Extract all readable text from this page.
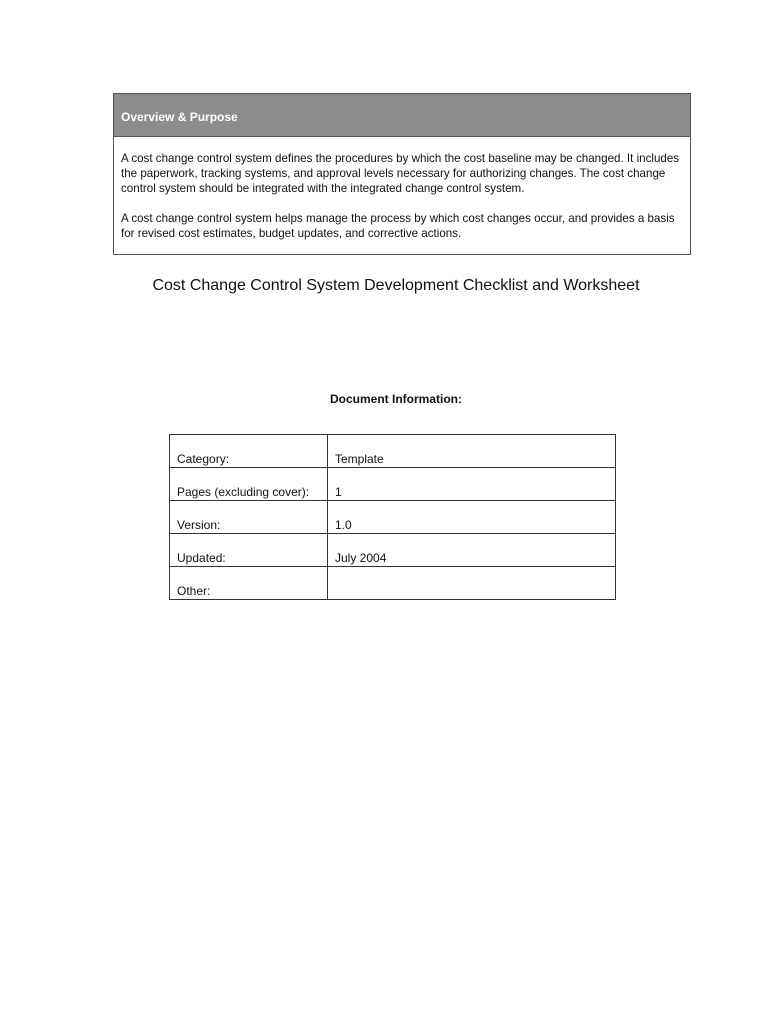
Overview & Purpose

A cost change control system defines the procedures by which the cost baseline may be changed. It includes the paperwork, tracking systems, and approval levels necessary for authorizing changes. The cost change control system should be integrated with the integrated change control system.

A cost change control system helps manage the process by which cost changes occur, and provides a basis for revised cost estimates, budget updates, and corrective actions.

Cost Change Control System Development Checklist and Worksheet
Document Information:
Category:	Template
Pages (excluding cover):	1
Version:	1.0
Updated:	July 2004
Other:	
